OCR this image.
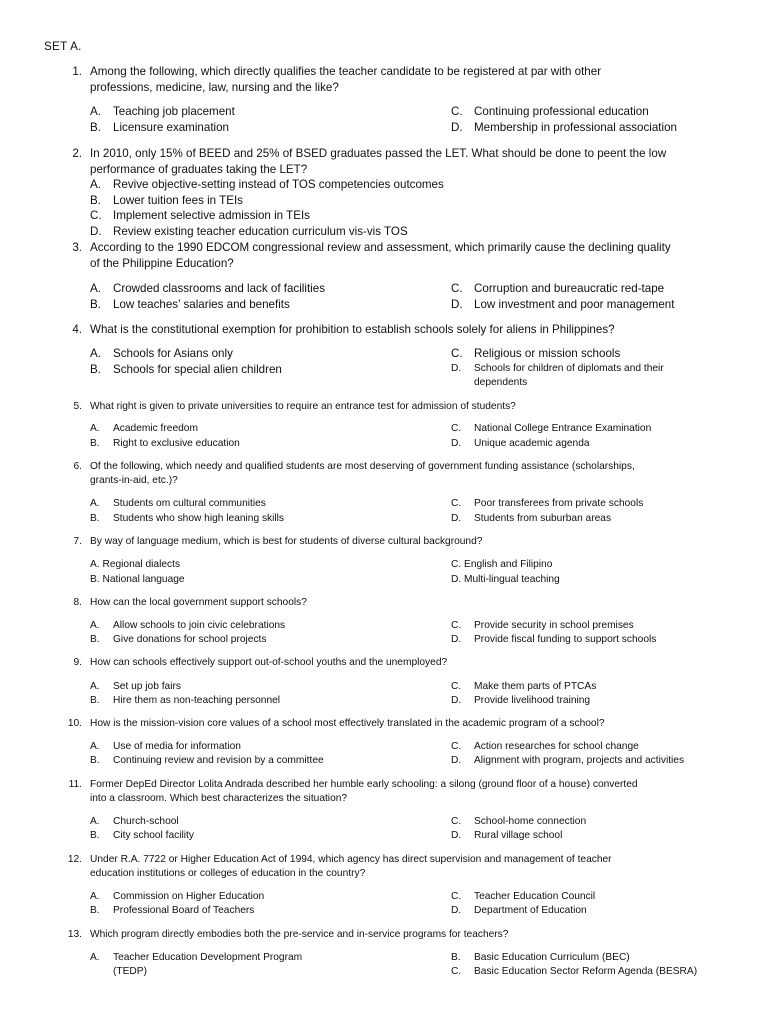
SET A.
1. Among the following, which directly qualifies the teacher candidate to be registered at par with other
professions, medicine, law, nursing and the like?
A.	Teaching job placement
B.	Licensure examination
C. Continuing professional education
D. Membership in professional association
2. In 2010, only 15% of BEED and 25% of BSED graduates passed the LET. What should be done to peent the low
performance of graduates taking the LET?
A.	Revive objective-setting instead of TOS competencies outcomes
B.	Lower tuition fees in TEIs
C. Implement selective admission in TEIs
D. Review existing teacher education curriculum vis-vis TOS
3. According to the 1990 EDCOM congressional review and assessment, which primarily cause the declining quality
of the Philippine Education?
A.	Crowded classrooms and lack of facilities
B.	Low teaches’ salaries and benefits
C. Corruption and bureaucratic red-tape
D. Low investment and poor management
4. What is the constitutional exemption for prohibition to establish schools solely for aliens in Philippines?
A.	Schools for Asians only
B.	Schools for special alien children
C. Religious or mission schools
D.	Schools for children of diplomats and their
dependents
5. What right is given to private universities to require an entrance test for admission of students?
A.	Academic freedom
B.	Right to exclusive education
C.	National College Entrance Examination
D.	Unique academic agenda
6. Of the following, which needy and qualified students are most deserving of government funding assistance (scholarships,
grants-in-aid, etc.)?
A.	Students om cultural communities
B.	Students who show high leaning skills
C.	Poor transferees from private schools
D.	Students from suburban areas
7. By way of language medium, which is best for students of diverse cultural background?
A. Regional dialects
B. National language
C. English and Filipino
D. Multi-lingual teaching
8. How can the local government support schools?
A.	Allow schools to join civic celebrations
B.	Give donations for school projects
C.	Provide security in school premises
D.	Provide fiscal funding to support schools
9. How can schools effectively support out-of-school youths and the unemployed?
A.	Set up job fairs
B.	Hire them as non-teaching personnel
C.	Make them parts of PTCAs
D.	Provide livelihood training
10. How is the mission-vision core values of a school most effectively translated in the academic program of a school?
A.	Use of media for information
B.	Continuing review and revision by a committee
C.	Action researches for school change
D.	Alignment with program, projects and activities
11. Former DepEd Director Lolita Andrada described her humble early schooling: a silong (ground floor of a house) converted
into a classroom. Which best characterizes the situation?
A.	Church-school
B.	City school facility
C.	School-home connection
D.	Rural village school
12. Under R.A. 7722 or Higher Education Act of 1994, which agency has direct supervision and management of teacher
education institutions or colleges of education in the country?
A.	Commission on Higher Education
B.	Professional Board of Teachers
C.	Teacher Education Council
D.	Department of Education
13. Which program directly embodies both the pre-service and in-service programs for teachers?
A.	Teacher Education Development Program
(TEDP)
B.	Basic Education Curriculum (BEC)
C.	Basic Education Sector Reform Agenda (BESRA)
